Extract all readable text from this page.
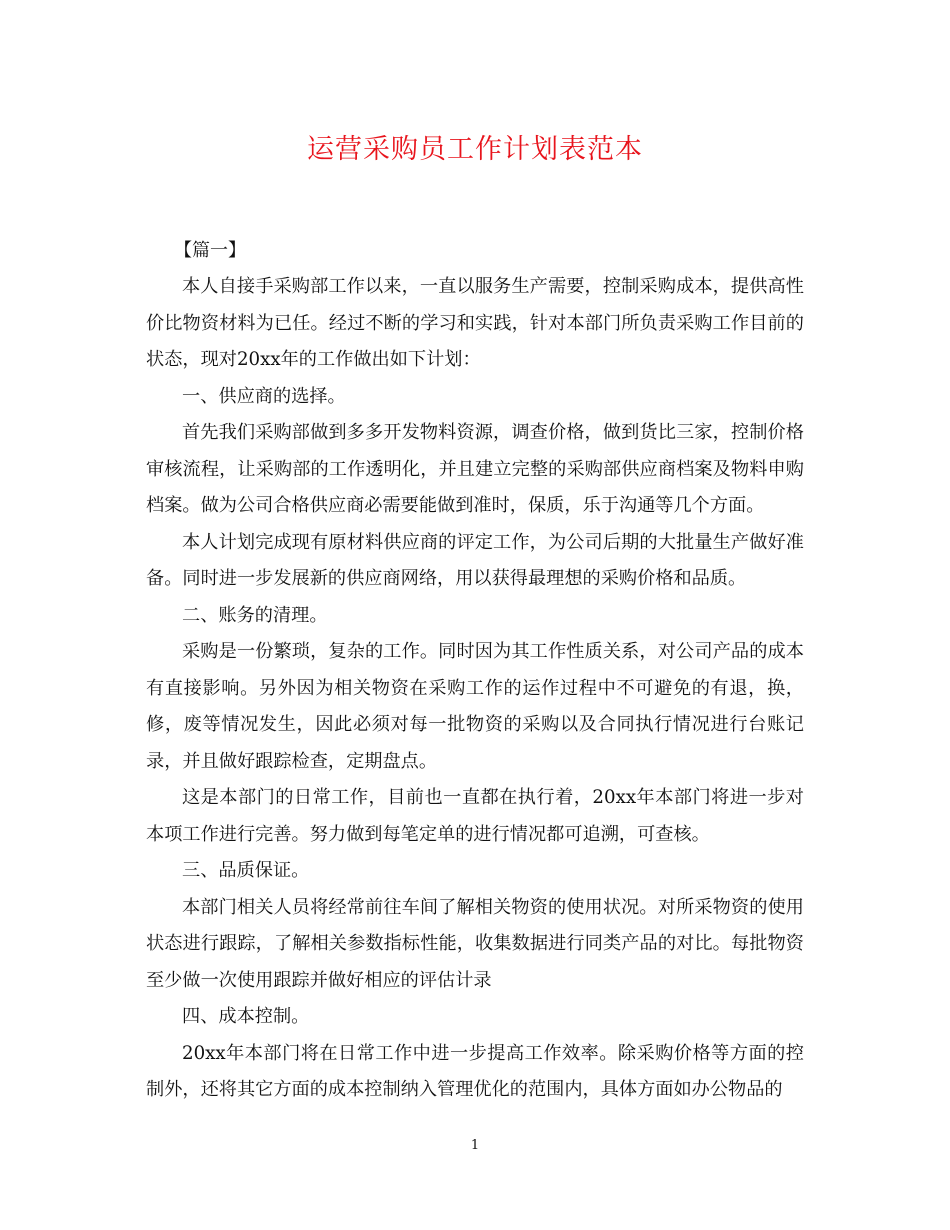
运营采购员工作计划表范本
【篇一】

本人自接手采购部工作以来，一直以服务生产需要，控制采购成本，提供高性价比物资材料为已任。经过不断的学习和实践，针对本部门所负责采购工作目前的状态，现对20xx年的工作做出如下计划：

一、供应商的选择。

首先我们采购部做到多多开发物料资源，调查价格，做到货比三家，控制价格审核流程，让采购部的工作透明化，并且建立完整的采购部供应商档案及物料申购档案。做为公司合格供应商必需要能做到准时，保质，乐于沟通等几个方面。

本人计划完成现有原材料供应商的评定工作，为公司后期的大批量生产做好准备。同时进一步发展新的供应商网络，用以获得最理想的采购价格和品质。

二、账务的清理。

采购是一份繁琐，复杂的工作。同时因为其工作性质关系，对公司产品的成本有直接影响。另外因为相关物资在采购工作的运作过程中不可避免的有退，换，修，废等情况发生，因此必须对每一批物资的采购以及合同执行情况进行台账记录，并且做好跟踪检查，定期盘点。

这是本部门的日常工作，目前也一直都在执行着，20xx年本部门将进一步对本项工作进行完善。努力做到每笔定单的进行情况都可追溯，可查核。

三、品质保证。

本部门相关人员将经常前往车间了解相关物资的使用状况。对所采物资的使用状态进行跟踪，了解相关参数指标性能，收集数据进行同类产品的对比。每批物资至少做一次使用跟踪并做好相应的评估计录

四、成本控制。

20xx年本部门将在日常工作中进一步提高工作效率。除采购价格等方面的控制外，还将其它方面的成本控制纳入管理优化的范围内，具体方面如办公物品的

1
